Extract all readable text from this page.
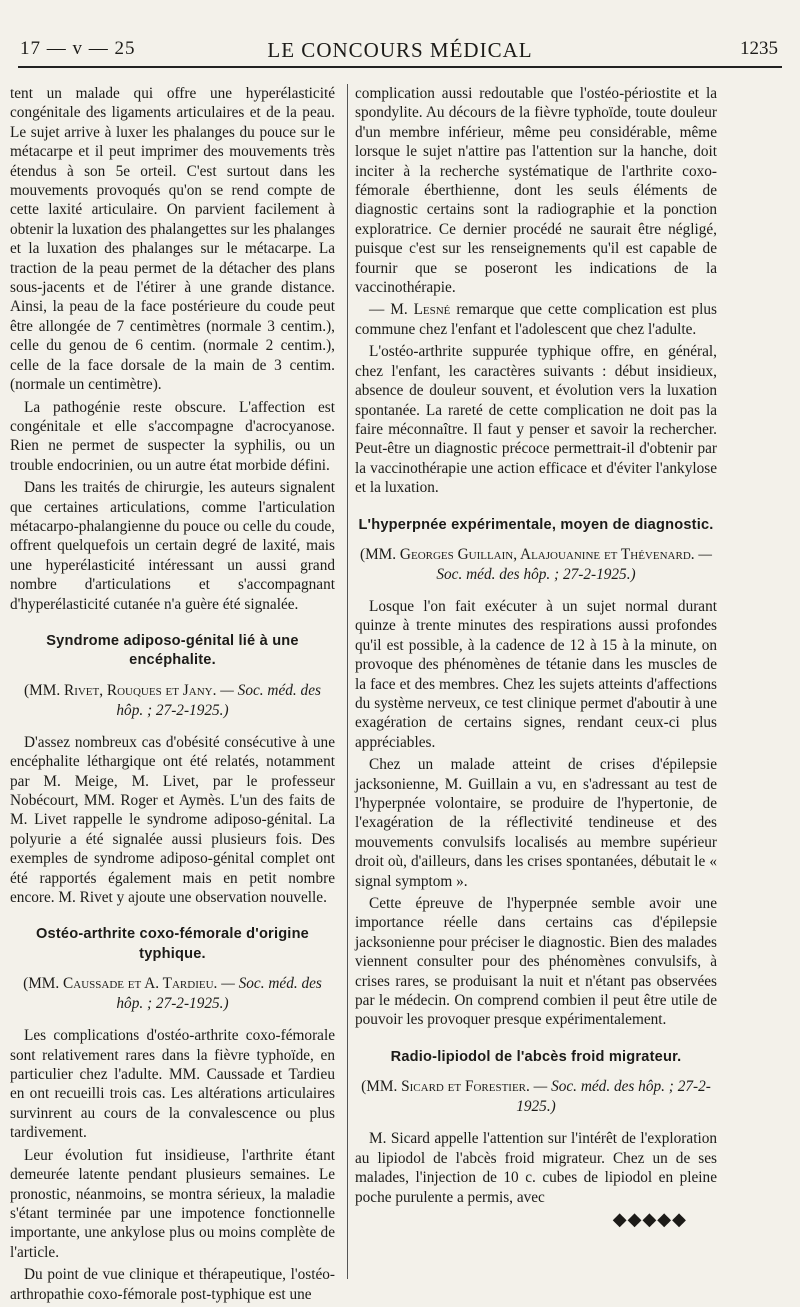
17 — v — 25	LE CONCOURS MÉDICAL	1235

tent un malade qui offre une hyperélasticité congénitale des ligaments articulaires et de la peau. Le sujet arrive à luxer les phalanges du pouce sur le métacarpe et il peut imprimer des mouvements très étendus à son 5e orteil. C'est surtout dans les mouvements provoqués qu'on se rend compte de cette laxité articulaire. On parvient facilement à obtenir la luxation des phalangettes sur les phalanges et la luxation des phalanges sur le métacarpe. La traction de la peau permet de la détacher des plans sous-jacents et de l'étirer à une grande distance. Ainsi, la peau de la face postérieure du coude peut être allongée de 7 centimètres (normale 3 centim.), celle du genou de 6 centim. (normale 2 centim.), celle de la face dorsale de la main de 3 centim. (normale un centimètre).

La pathogénie reste obscure. L'affection est congénitale et elle s'accompagne d'acrocyanose. Rien ne permet de suspecter la syphilis, ou un trouble endocrinien, ou un autre état morbide défini.

Dans les traités de chirurgie, les auteurs signalent que certaines articulations, comme l'articulation métacarpo-phalangienne du pouce ou celle du coude, offrent quelquefois un certain degré de laxité, mais une hyperélasticité intéressant un aussi grand nombre d'articulations et s'accompagnant d'hyperélasticité cutanée n'a guère été signalée.

Syndrome adiposo-génital lié à une encéphalite.
(MM. Rivet, Rouques et Jany. — Soc. méd. des hôp. ; 27-2-1925.)

D'assez nombreux cas d'obésité consécutive à une encéphalite léthargique ont été relatés, notamment par M. Meige, M. Livet, par le professeur Nobécourt, MM. Roger et Aymès. L'un des faits de M. Livet rappelle le syndrome adiposo-génital. La polyurie a été signalée aussi plusieurs fois. Des exemples de syndrome adiposo-génital complet ont été rapportés également mais en petit nombre encore. M. Rivet y ajoute une observation nouvelle.

Ostéo-arthrite coxo-fémorale d'origine typhique.
(MM. Caussade et A. Tardieu. — Soc. méd. des hôp. ; 27-2-1925.)

Les complications d'ostéo-arthrite coxo-fémorale sont relativement rares dans la fièvre typhoïde, en particulier chez l'adulte. MM. Caussade et Tardieu en ont recueilli trois cas. Les altérations articulaires survinrent au cours de la convalescence ou plus tardivement.

Leur évolution fut insidieuse, l'arthrite étant demeurée latente pendant plusieurs semaines. Le pronostic, néanmoins, se montra sérieux, la maladie s'étant terminée par une impotence fonctionnelle importante, une ankylose plus ou moins complète de l'article.

Du point de vue clinique et thérapeutique, l'ostéo-arthropathie coxo-fémorale post-typhique est une

complication aussi redoutable que l'ostéo-périostite et la spondylite. Au décours de la fièvre typhoïde, toute douleur d'un membre inférieur, même peu considérable, même lorsque le sujet n'attire pas l'attention sur la hanche, doit inciter à la recherche systématique de l'arthrite coxo-fémorale éberthienne, dont les seuls éléments de diagnostic certains sont la radiographie et la ponction exploratrice. Ce dernier procédé ne saurait être négligé, puisque c'est sur les renseignements qu'il est capable de fournir que se poseront les indications de la vaccinothérapie.

— M. Lesné remarque que cette complication est plus commune chez l'enfant et l'adolescent que chez l'adulte.

L'ostéo-arthrite suppurée typhique offre, en général, chez l'enfant, les caractères suivants : début insidieux, absence de douleur souvent, et évolution vers la luxation spontanée. La rareté de cette complication ne doit pas la faire méconnaître. Il faut y penser et savoir la rechercher. Peut-être un diagnostic précoce permettrait-il d'obtenir par la vaccinothérapie une action efficace et d'éviter l'ankylose et la luxation.

L'hyperpnée expérimentale, moyen de diagnostic.
(MM. Georges Guillain, Alajouanine et Thévenard. — Soc. méd. des hôp. ; 27-2-1925.)

Losque l'on fait exécuter à un sujet normal durant quinze à trente minutes des respirations aussi profondes qu'il est possible, à la cadence de 12 à 15 à la minute, on provoque des phénomènes de tétanie dans les muscles de la face et des membres. Chez les sujets atteints d'affections du système nerveux, ce test clinique permet d'aboutir à une exagération de certains signes, rendant ceux-ci plus appréciables.

Chez un malade atteint de crises d'épilepsie jacksonienne, M. Guillain a vu, en s'adressant au test de l'hyperpnée volontaire, se produire de l'hypertonie, de l'exagération de la réflectivité tendineuse et des mouvements convulsifs localisés au membre supérieur droit où, d'ailleurs, dans les crises spontanées, débutait le « signal symptom ».

Cette épreuve de l'hyperpnée semble avoir une importance réelle dans certains cas d'épilepsie jacksonienne pour préciser le diagnostic. Bien des malades viennent consulter pour des phénomènes convulsifs, à crises rares, se produisant la nuit et n'étant pas observées par le médecin. On comprend combien il peut être utile de pouvoir les provoquer presque expérimentalement.

Radio-lipiodol de l'abcès froid migrateur.
(MM. Sicard et Forestier. — Soc. méd. des hôp. ; 27-2-1925.)

M. Sicard appelle l'attention sur l'intérêt de l'exploration au lipiodol de l'abcès froid migrateur. Chez un de ses malades, l'injection de 10 c. cubes de lipiodol en pleine poche purulente a permis, avec

◆◆◆◆◆
